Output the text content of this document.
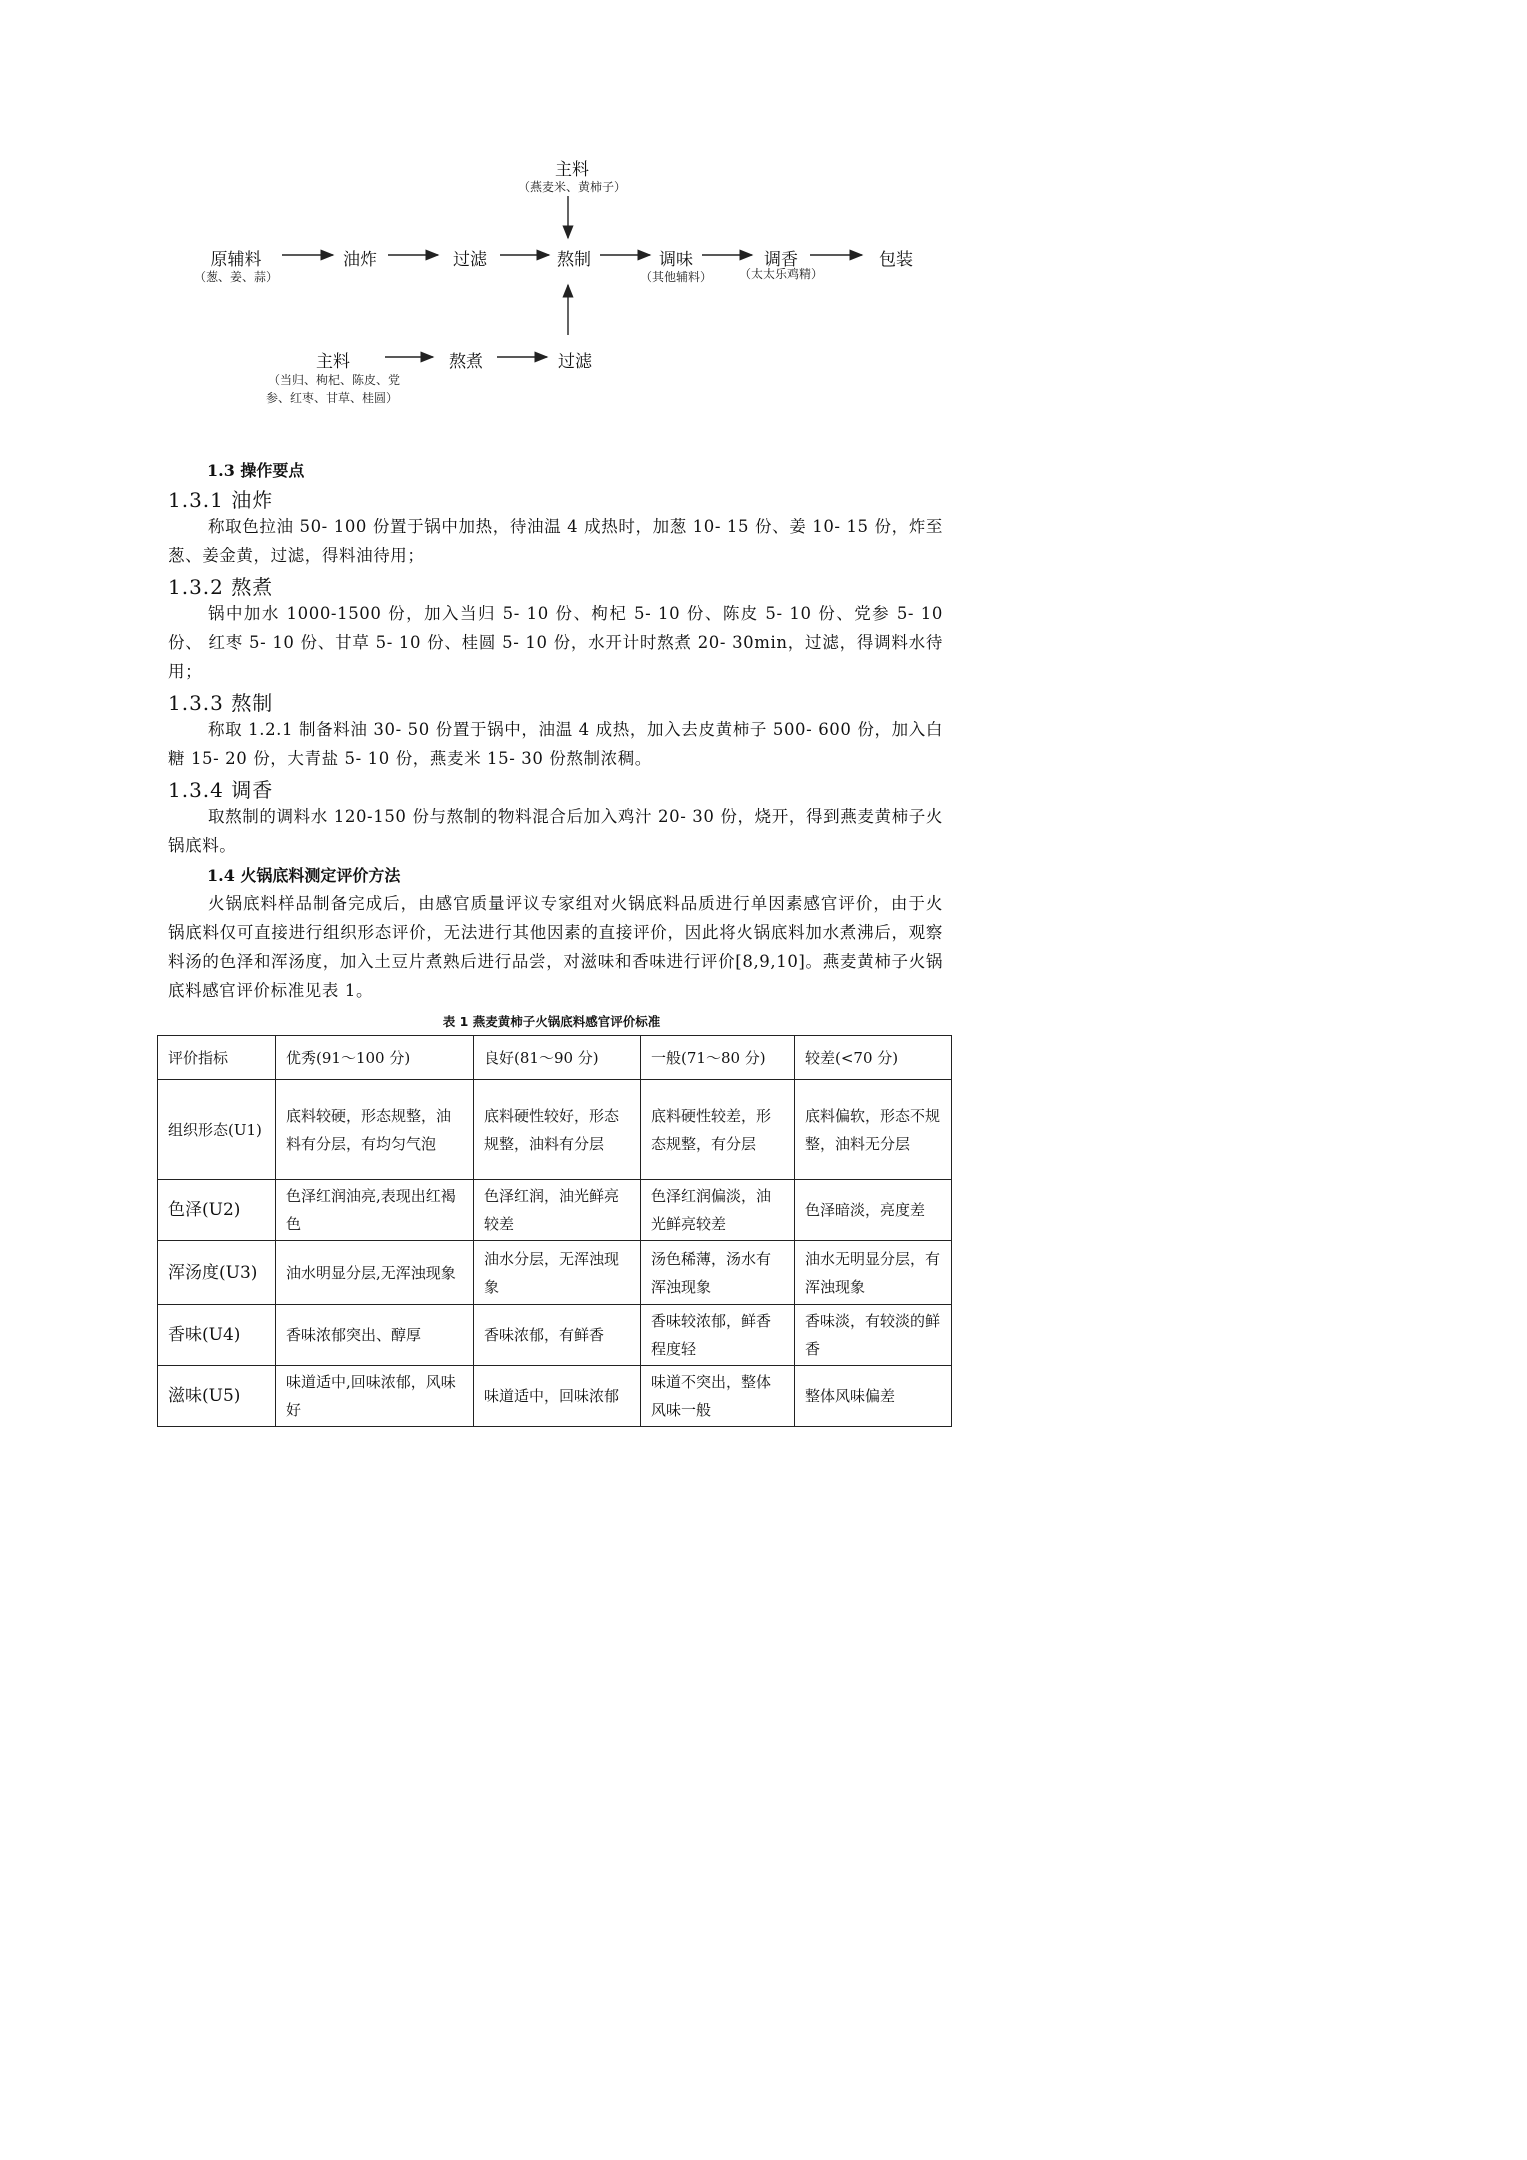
主料
（燕麦米、黄柿子）
原辅料
（葱、姜、蒜）
油炸	过滤	熬制	调味
（其他辅料）
调香
（太太乐鸡精）
包装
主料
（当归、枸杞、陈皮、党
参、红枣、甘草、桂圆）
熬煮	过滤
1.3 操作要点
1.3.1 油炸

称取色拉油 50- 100 份置于锅中加热，待油温 4 成热时，加葱 10- 15 份、姜 10- 15 份，炸至葱、姜金黄，过滤，得料油待用；

1.3.2 熬煮

锅中加水 1000-1500 份，加入当归 5- 10 份、枸杞 5- 10 份、陈皮 5- 10 份、党参 5- 10 份、 红枣 5- 10 份、甘草 5- 10 份、桂圆 5- 10 份，水开计时熬煮 20- 30min，过滤，得调料水待用；

1.3.3 熬制

称取 1.2.1 制备料油 30- 50 份置于锅中，油温 4 成热，加入去皮黄柿子 500- 600 份，加入白糖 15- 20 份，大青盐 5- 10 份，燕麦米 15- 30 份熬制浓稠。

1.3.4 调香

取熬制的调料水 120-150 份与熬制的物料混合后加入鸡汁 20- 30 份，烧开，得到燕麦黄柿子火锅底料。

1.4 火锅底料测定评价方法

火锅底料样品制备完成后，由感官质量评议专家组对火锅底料品质进行单因素感官评价，由于火锅底料仅可直接进行组织形态评价，无法进行其他因素的直接评价，因此将火锅底料加水煮沸后，观察料汤的色泽和浑汤度，加入土豆片煮熟后进行品尝，对滋味和香味进行评价[8,9,10]。燕麦黄柿子火锅底料感官评价标准见表 1。

表 1 燕麦黄柿子火锅底料感官评价标准
评价指标	优秀(91～100 分)	良好(81～90 分)	一般(71～80 分)	较差(<70 分)
组织形态(U1)	底料较硬，形态规整，油料有分层，有均匀气泡	底料硬性较好，形态规整，油料有分层	底料硬性较差，形态规整，有分层	底料偏软，形态不规整，油料无分层
色泽(U2)	色泽红润油亮,表现出红褐色	色泽红润，油光鲜亮较差	色泽红润偏淡，油光鲜亮较差	色泽暗淡，亮度差
浑汤度(U3)	油水明显分层,无浑浊现象	油水分层，无浑浊现象	汤色稀薄，汤水有浑浊现象	油水无明显分层，有浑浊现象
香味(U4)	香味浓郁突出、醇厚	香味浓郁，有鲜香	香味较浓郁，鲜香程度轻	香味淡，有较淡的鲜香
滋味(U5)	味道适中,回味浓郁，风味好	味道适中，回味浓郁	味道不突出，整体风味一般	整体风味偏差
